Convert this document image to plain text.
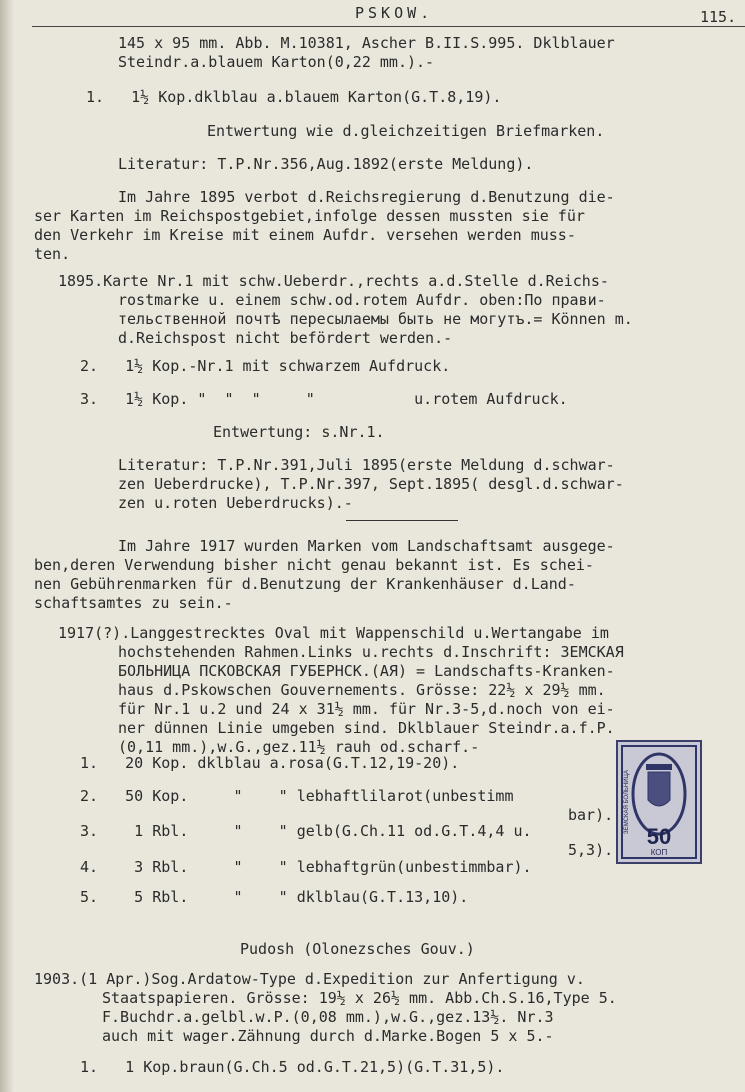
PSKOW.	115.
145 x 95 mm. Abb. M.10381, Ascher B.II.S.995. Dklblauer
Steindr.a.blauem Karton(0,22 mm.).-
1.   1½ Kop.dklblau a.blauem Karton(G.T.8,19).
Entwertung wie d.gleichzeitigen Briefmarken.
Literatur: T.P.Nr.356,Aug.1892(erste Meldung).
Im Jahre 1895 verbot d.Reichsregierung d.Benutzung die-
ser Karten im Reichspostgebiet,infolge dessen mussten sie für
den Verkehr im Kreise mit einem Aufdr. versehen werden muss-
ten.
1895.Karte Nr.1 mit schw.Ueberdr.,rechts a.d.Stelle d.Reichs-
rostmarke u. einem schw.od.rotem Aufdr. oben:По прави-
тельственной почтѣ пересылаемы быть не могутъ.= Können m.
d.Reichspost nicht befördert werden.-
2.   1½ Kop.-Nr.1 mit schwarzem Aufdruck.
3.   1½ Kop. "  "  "     "           u.rotem Aufdruck.
Entwertung: s.Nr.1.
Literatur: T.P.Nr.391,Juli 1895(erste Meldung d.schwar-
zen Ueberdrucke), T.P.Nr.397, Sept.1895( desgl.d.schwar-
zen u.roten Ueberdrucks).-
Im Jahre 1917 wurden Marken vom Landschaftsamt ausgege-
ben,deren Verwendung bisher nicht genau bekannt ist. Es schei-
nen Gebührenmarken für d.Benutzung der Krankenhäuser d.Land-
schaftsamtes zu sein.-
1917(?).Langgestrecktes Oval mit Wappenschild u.Wertangabe im
hochstehenden Rahmen.Links u.rechts d.Inschrift: ЗЕМСКАЯ
БОЛЬНИЦА ПСКОВСКАЯ ГУБЕРНСК.(АЯ) = Landschafts-Kranken-
haus d.Pskowschen Gouvernements. Grösse: 22½ x 29½ mm.
für Nr.1 u.2 und 24 x 31½ mm. für Nr.3-5,d.noch von ei-
ner dünnen Linie umgeben sind. Dklblauer Steindr.a.f.P.
(0,11 mm.),w.G.,gez.11½ rauh od.scharf.-
1.   20 Kop. dklblau a.rosa(G.T.12,19-20).
2.   50 Kop.     "    " lebhaftlilarot(unbestimm
bar).
3.    1 Rbl.     "    " gelb(G.Ch.11 od.G.T.4,4 u.
5,3).
4.    3 Rbl.     "    " lebhaftgrün(unbestimmbar).
5.    5 Rbl.     "    " dklblau(G.T.13,10).
50
КОП
ЗЕМСКАЯ БОЛЬНИЦА
Pudosh (Olonezsches Gouv.)
1903.(1 Apr.)Sog.Ardatow-Type d.Expedition zur Anfertigung v.
Staatspapieren. Grösse: 19½ x 26½ mm. Abb.Ch.S.16,Type 5.
F.Buchdr.a.gelbl.w.P.(0,08 mm.),w.G.,gez.13½. Nr.3
auch mit wager.Zähnung durch d.Marke.Bogen 5 x 5.-
1.   1 Kop.braun(G.Ch.5 od.G.T.21,5)(G.T.31,5).
